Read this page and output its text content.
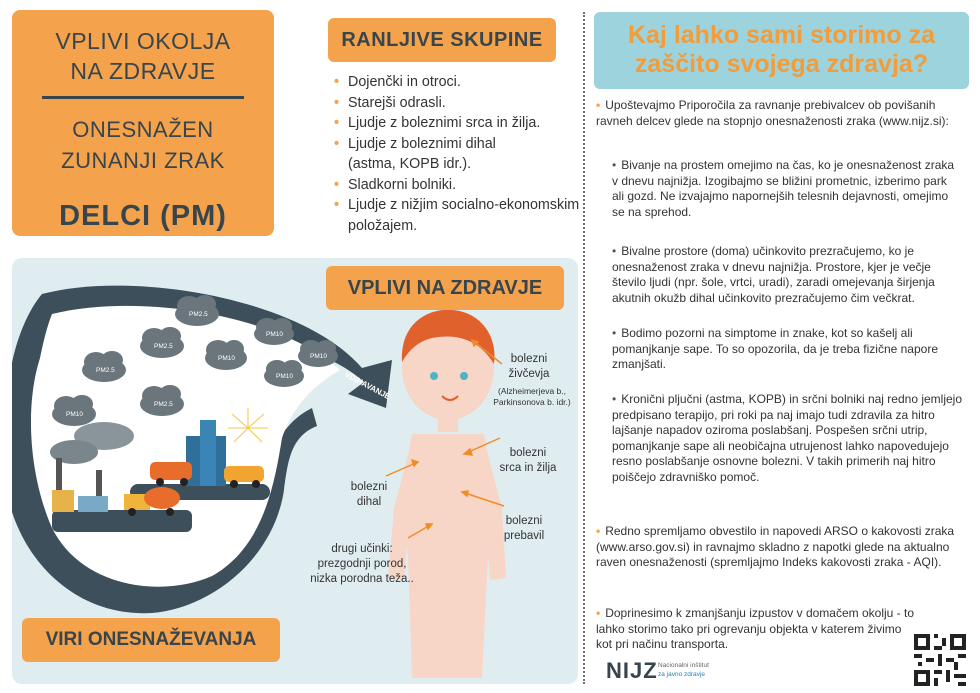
VPLIVI OKOLJA
NA ZDRAVJE
ONESNAŽEN
ZUNANJI ZRAK
DELCI (PM)
RANLJIVE SKUPINE
• Dojenčki in otroci.
• Starejši odrasli.
• Ljudje z boleznimi srca in žilja.
• Ljudje z boleznimi dihal (astma, KOPB idr.).
• Sladkorni bolniki.
• Ljudje z nižjim socialno-ekonomskim položajem.
VDIHAVANJE
PM2.5
PM10
PM2.5
PM10	PM10
PM2.5
PM10
PM2.5
PM10
bolezni živčevja
(Alzheimerjeva b., Parkinsonova b. idr.)
bolezni srca in žilja
bolezni dihal
bolezni prebavil
drugi učinki:
prezgodnji porod,
nizka porodna teža..
VPLIVI NA ZDRAVJE
VIRI ONESNAŽEVANJA
Kaj lahko sami storimo za
zaščito svojega zdravja?
• Upoštevajmo Priporočila za ravnanje prebivalcev ob povišanih ravneh delcev glede na stopnjo onesnaženosti zraka (www.nijz.si):
• Bivanje na prostem omejimo na čas, ko je onesnaženost zraka v dnevu najnižja. Izogibajmo se bližini prometnic, izberimo park ali gozd. Ne izvajajmo napornejših telesnih dejavnosti, omejimo se na sprehod.
• Bivalne prostore (doma) učinkovito prezračujemo, ko je onesnaženost zraka v dnevu najnižja. Prostore, kjer je večje število ljudi (npr. šole, vrtci, uradi), zaradi omejevanja širjenja akutnih okužb dihal učinkovito prezračujemo čim večkrat.
• Bodimo pozorni na simptome in znake, kot so kašelj ali pomanjkanje sape. To so opozorila, da je treba fizične napore zmanjšati.
• Kronični pljučni (astma, KOPB) in srčni bolniki naj redno jemljejo predpisano terapijo, pri roki pa naj imajo tudi zdravila za hitro lajšanje napadov oziroma poslabšanj. Pospešen srčni utrip, pomanjkanje sape ali neobičajna utrujenost lahko napovedujejo resno poslabšanje osnovne bolezni. V takih primerih naj hitro poiščejo zdravniško pomoč.
• Redno spremljamo obvestilo in napovedi ARSO o kakovosti zraka (www.arso.gov.si) in ravnajmo skladno z napotki glede na aktualno raven onesnaženosti (spremljajmo Indeks kakovosti zraka - AQI).
• Doprinesimo k zmanjšanju izpustov v domačem okolju - to lahko storimo tako pri ogrevanju objekta v katerem živimo kot pri načinu transporta.
NIJZ Nacionalni inštitut
za javno zdravje
